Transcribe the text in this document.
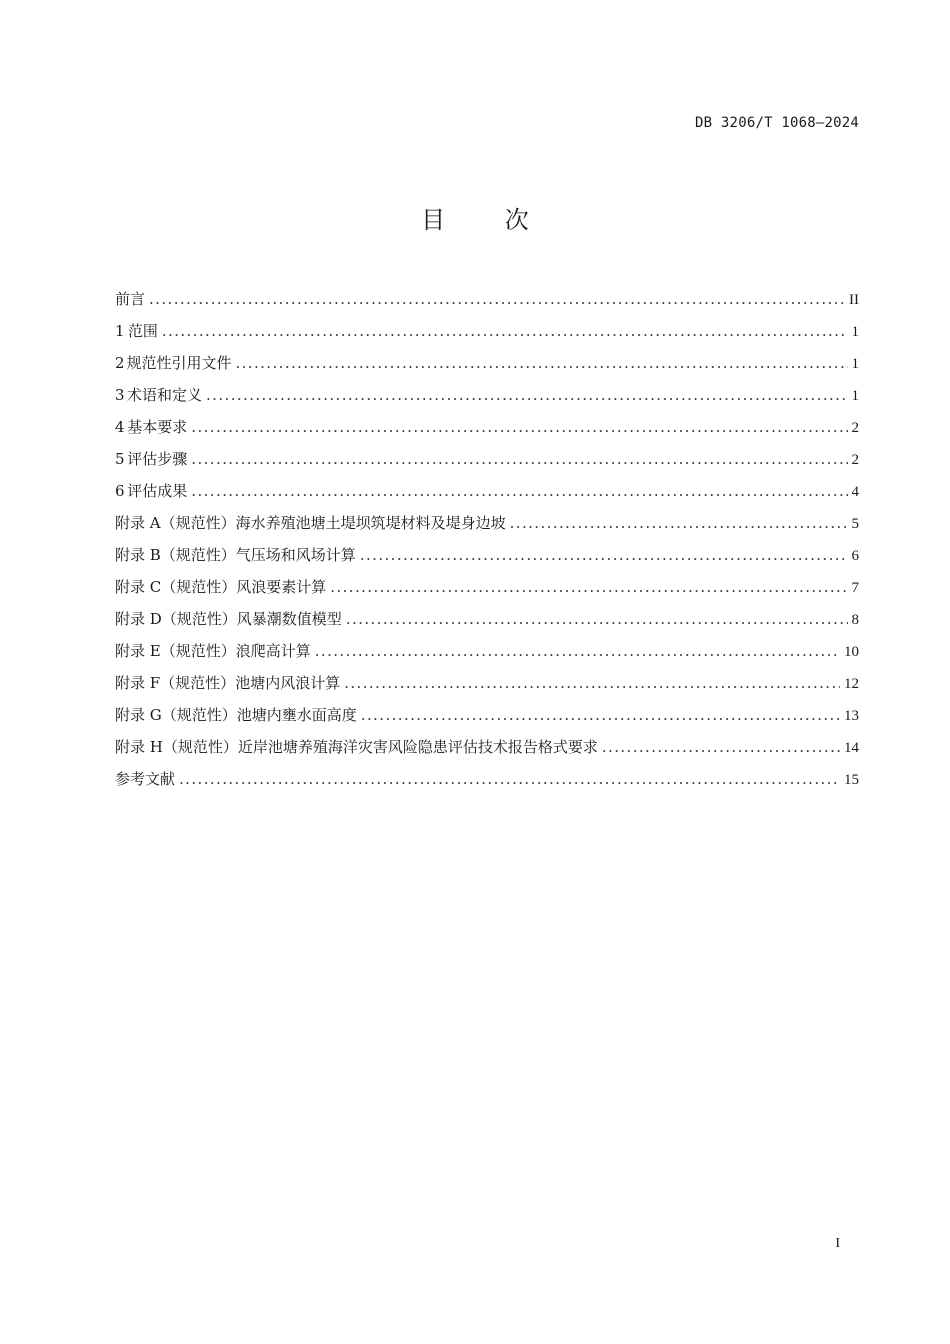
DB 3206/T 1068—2024
目 次
前言 .....	II
1 范围 .....	1
2 规范性引用文件 .....	1
3 术语和定义 .....	1
4 基本要求 .....	2
5 评估步骤 .....	2
6 评估成果 .....	4
附录 A（规范性） 海水养殖池塘土堤坝筑堤材料及堤身边坡 .....	5
附录 B（规范性） 气压场和风场计算 .....	6
附录 C（规范性） 风浪要素计算 .....	7
附录 D（规范性） 风暴潮数值模型 .....	8
附录 E（规范性） 浪爬高计算 .....	10
附录 F（规范性） 池塘内风浪计算 .....	12
附录 G（规范性） 池塘内壅水面高度 .....	13
附录 H（规范性） 近岸池塘养殖海洋灾害风险隐患评估技术报告格式要求 .....	14
参考文献 .....	15
I
